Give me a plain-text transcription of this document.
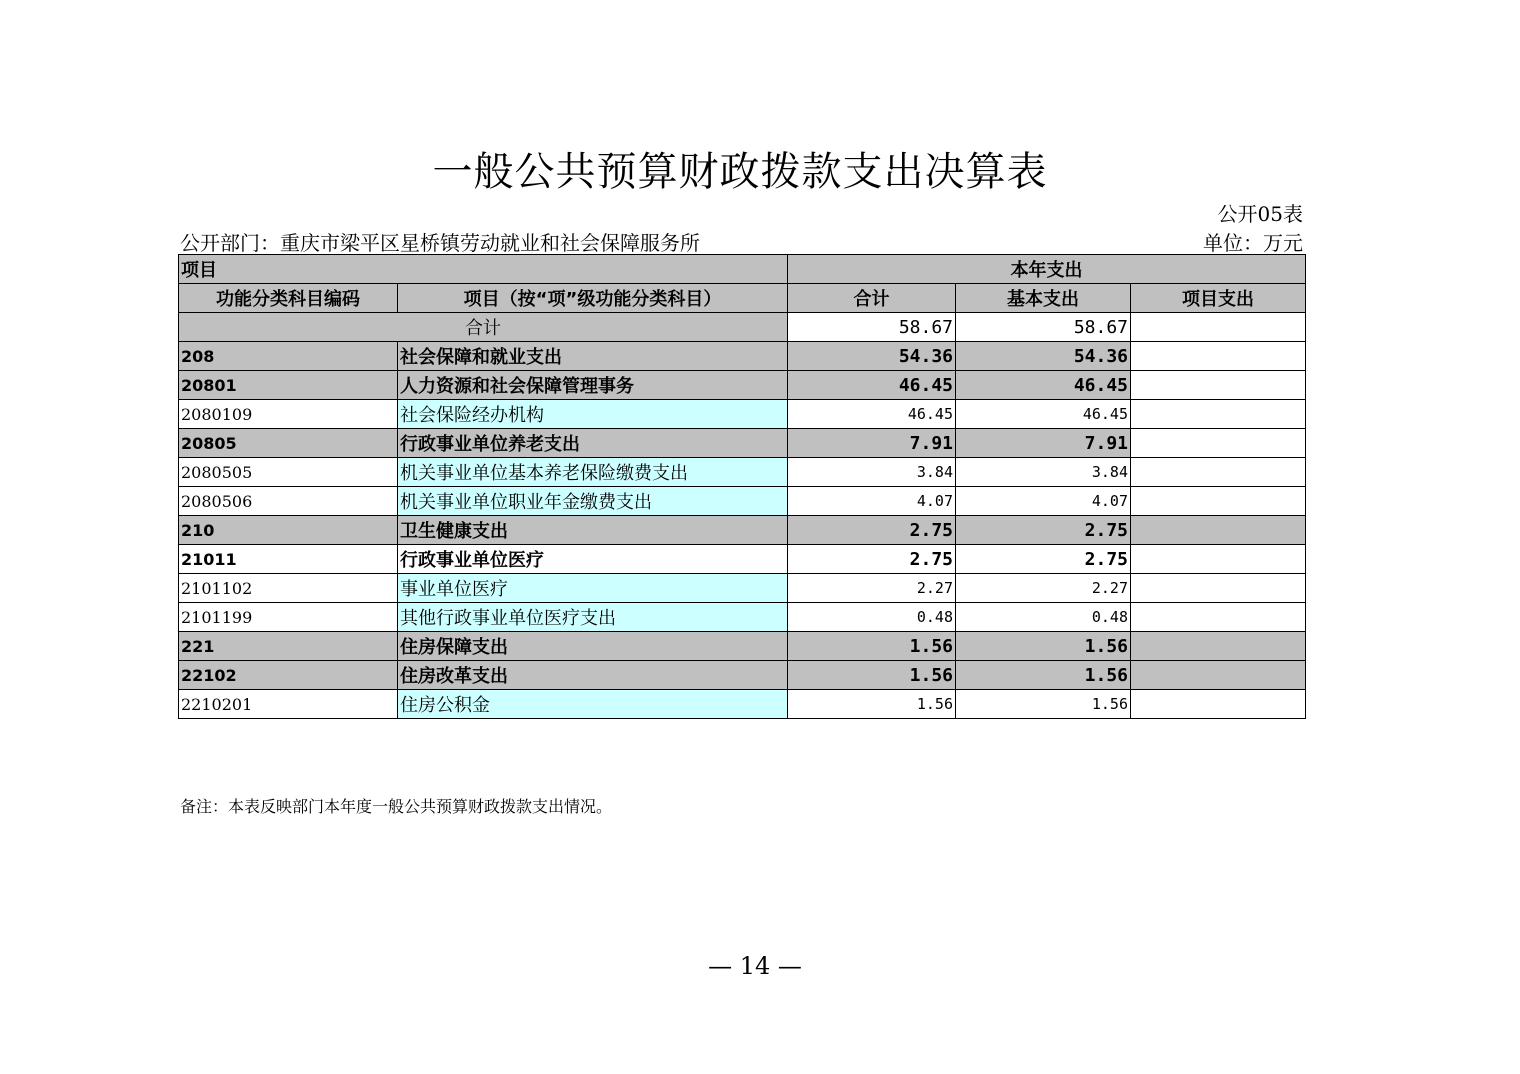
一般公共预算财政拨款支出决算表
公开05表
公开部门：重庆市梁平区星桥镇劳动就业和社会保障服务所	单位：万元
项目		本年支出		
功能分类科目编码	项目（按“项”级功能分类科目）	合计	基本支出	项目支出
合计		58.67	58.67	
208	社会保障和就业支出	54.36	54.36	
20801	人力资源和社会保障管理事务	46.45	46.45	
2080109	社会保险经办机构	46.45	46.45	
20805	行政事业单位养老支出	7.91	7.91	
2080505	机关事业单位基本养老保险缴费支出	3.84	3.84	
2080506	机关事业单位职业年金缴费支出	4.07	4.07	
210	卫生健康支出	2.75	2.75	
21011	行政事业单位医疗	2.75	2.75	
2101102	事业单位医疗	2.27	2.27	
2101199	其他行政事业单位医疗支出	0.48	0.48	
221	住房保障支出	1.56	1.56	
22102	住房改革支出	1.56	1.56	
2210201	住房公积金	1.56	1.56	
备注：本表反映部门本年度一般公共预算财政拨款支出情况。
— 14 —
